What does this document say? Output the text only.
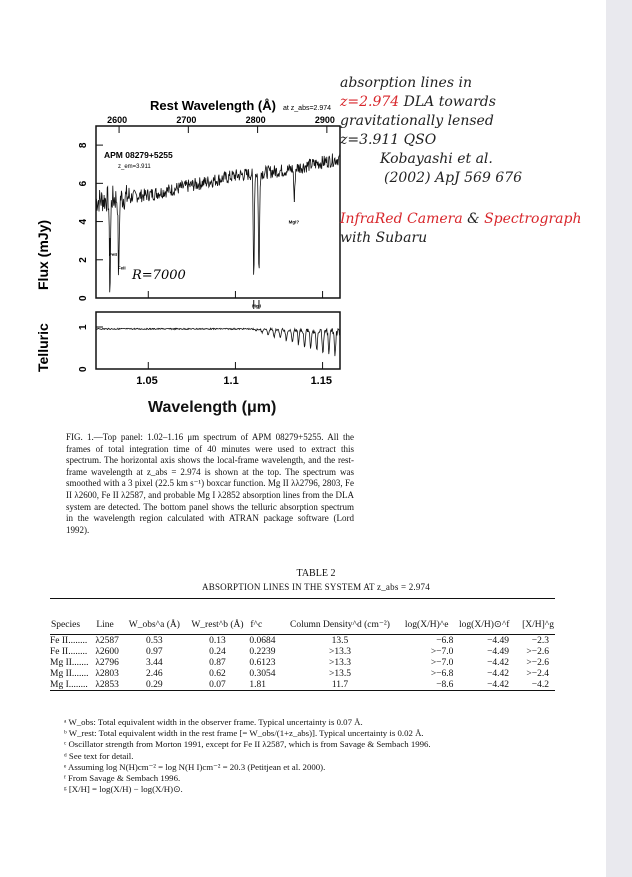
Rest Wavelength (Å) at z_abs=2.974
2600	2700	2800	2900
0
2
4
6
8
0
1
1.05	1.1	1.15
APM 08279+5255
z_em=3.911
R=7000
Flux (mJy)
Telluric
FeII
FeII
MgII
MgI?
Wavelength (μm)
absorption lines in
z=2.974 DLA towards
gravitationally lensed
z=3.911 QSO
Kobayashi et al.
(2002) ApJ 569 676
InfraRed Camera & Spectrograph
with Subaru
FIG. 1.—Top panel: 1.02–1.16 μm spectrum of APM 08279+5255. All the frames of total integration time of 40 minutes were used to extract this spectrum. The horizontal axis shows the local-frame wavelength, and the rest-frame wavelength at z_abs = 2.974 is shown at the top. The spectrum was smoothed with a 3 pixel (22.5 km s⁻¹) boxcar function. Mg II λλ2796, 2803, Fe II λ2600, Fe II λ2587, and probable Mg I λ2852 absorption lines from the DLA system are detected. The bottom panel shows the telluric absorption spectrum in the wavelength region calculated with ATRAN package software (Lord 1992).
TABLE 2
ABSORPTION LINES IN THE SYSTEM AT z_abs = 2.974
Species	Line	W_obs^a (Å)	W_rest^b (Å)	f^c	Column Density^d (cm⁻²)	log(X/H)^e	log(X/H)⊙^f	[X/H]^g
Fe II........	λ2587	0.53	0.13	0.0684	13.5	−6.8	−4.49	−2.3
Fe II........	λ2600	0.97	0.24	0.2239	>13.3	>−7.0	−4.49	>−2.6
Mg II.......	λ2796	3.44	0.87	0.6123	>13.3	>−7.0	−4.42	>−2.6
Mg II.......	λ2803	2.46	0.62	0.3054	>13.5	>−6.8	−4.42	>−2.4
Mg I........	λ2853	0.29	0.07	1.81	11.7	−8.6	−4.42	−4.2
ᵃ W_obs: Total equivalent width in the observer frame. Typical uncertainty is 0.07 Å.
ᵇ W_rest: Total equivalent width in the rest frame [= W_obs/(1+z_abs)]. Typical uncertainty is 0.02 Å.
ᶜ Oscillator strength from Morton 1991, except for Fe II λ2587, which is from Savage & Sembach 1996.
ᵈ See text for detail.
ᵉ Assuming log N(H)cm⁻² = log N(H I)cm⁻² = 20.3 (Petitjean et al. 2000).
ᶠ From Savage & Sembach 1996.
ᵍ [X/H] = log(X/H) − log(X/H)⊙.
